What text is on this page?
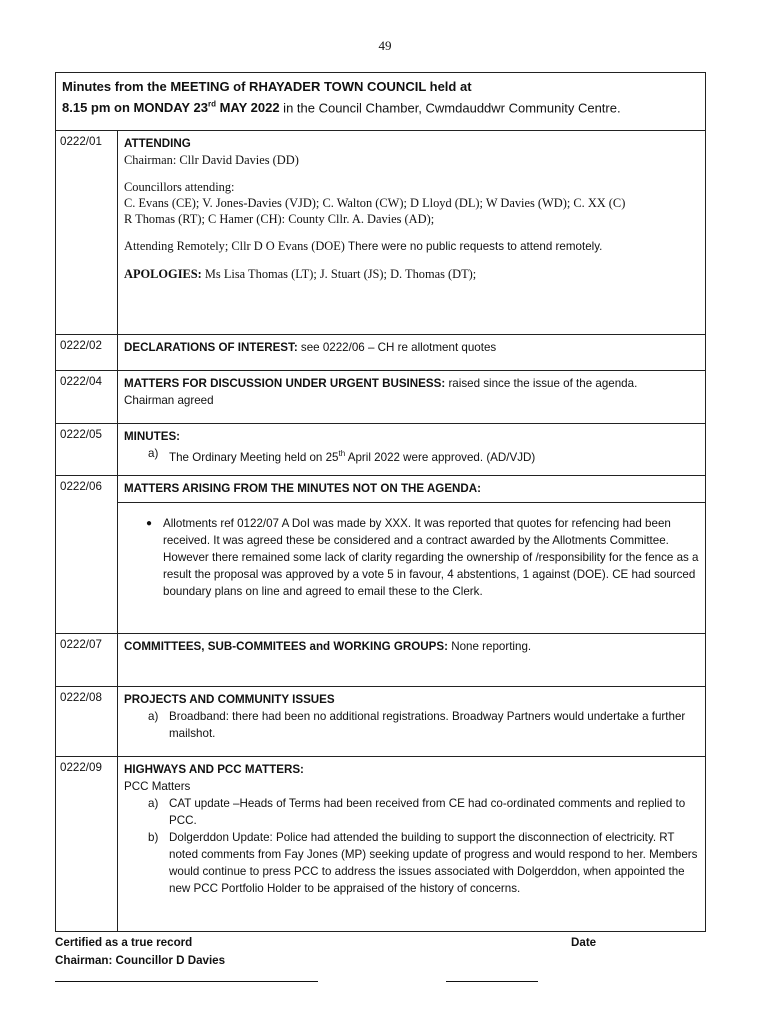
49
Minutes from the MEETING of RHAYADER TOWN COUNCIL held at
8.15 pm on MONDAY 23rd MAY 2022 in the Council Chamber, Cwmdauddwr Community Centre.
0222/01	ATTENDING
Chairman: Cllr David Davies (DD)
Councillors attending:
C. Evans (CE); V. Jones-Davies (VJD); C. Walton (CW); D Lloyd (DL); W Davies (WD); C. XX (C)
R Thomas (RT); C Hamer (CH): County Cllr. A. Davies (AD);
Attending Remotely; Cllr D O Evans (DOE) There were no public requests to attend remotely.
APOLOGIES: Ms Lisa Thomas (LT); J. Stuart (JS); D. Thomas (DT);
0222/02	DECLARATIONS OF INTEREST: see 0222/06 – CH re allotment quotes
0222/04	MATTERS FOR DISCUSSION UNDER URGENT BUSINESS: raised since the issue of the agenda.
Chairman agreed
0222/05	MINUTES:
a) The Ordinary Meeting held on 25th April 2022 were approved. (AD/VJD)
0222/06	MATTERS ARISING FROM THE MINUTES NOT ON THE AGENDA:
● Allotments ref 0122/07 A DoI was made by XXX. It was reported that quotes for refencing had been received. It was agreed these be considered and a contract awarded by the Allotments Committee. However there remained some lack of clarity regarding the ownership of /responsibility for the fence as a result the proposal was approved by a vote 5 in favour, 4 abstentions, 1 against (DOE). CE had sourced boundary plans on line and agreed to email these to the Clerk.
0222/07	COMMITTEES, SUB-COMMITEES and WORKING GROUPS: None reporting.
0222/08	PROJECTS AND COMMUNITY ISSUES
a) Broadband: there had been no additional registrations. Broadway Partners would undertake a further mailshot.
0222/09	HIGHWAYS AND PCC MATTERS:
PCC Matters
a) CAT update –Heads of Terms had been received from CE had co-ordinated comments and replied to PCC.
b) Dolgerddon Update: Police had attended the building to support the disconnection of electricity. RT noted comments from Fay Jones (MP) seeking update of progress and would respond to her. Members would continue to press PCC to address the issues associated with Dolgerddon, when appointed the new PCC Portfolio Holder to be appraised of the history of concerns.
Certified as a true record
Chairman: Councillor D Davies
Date
